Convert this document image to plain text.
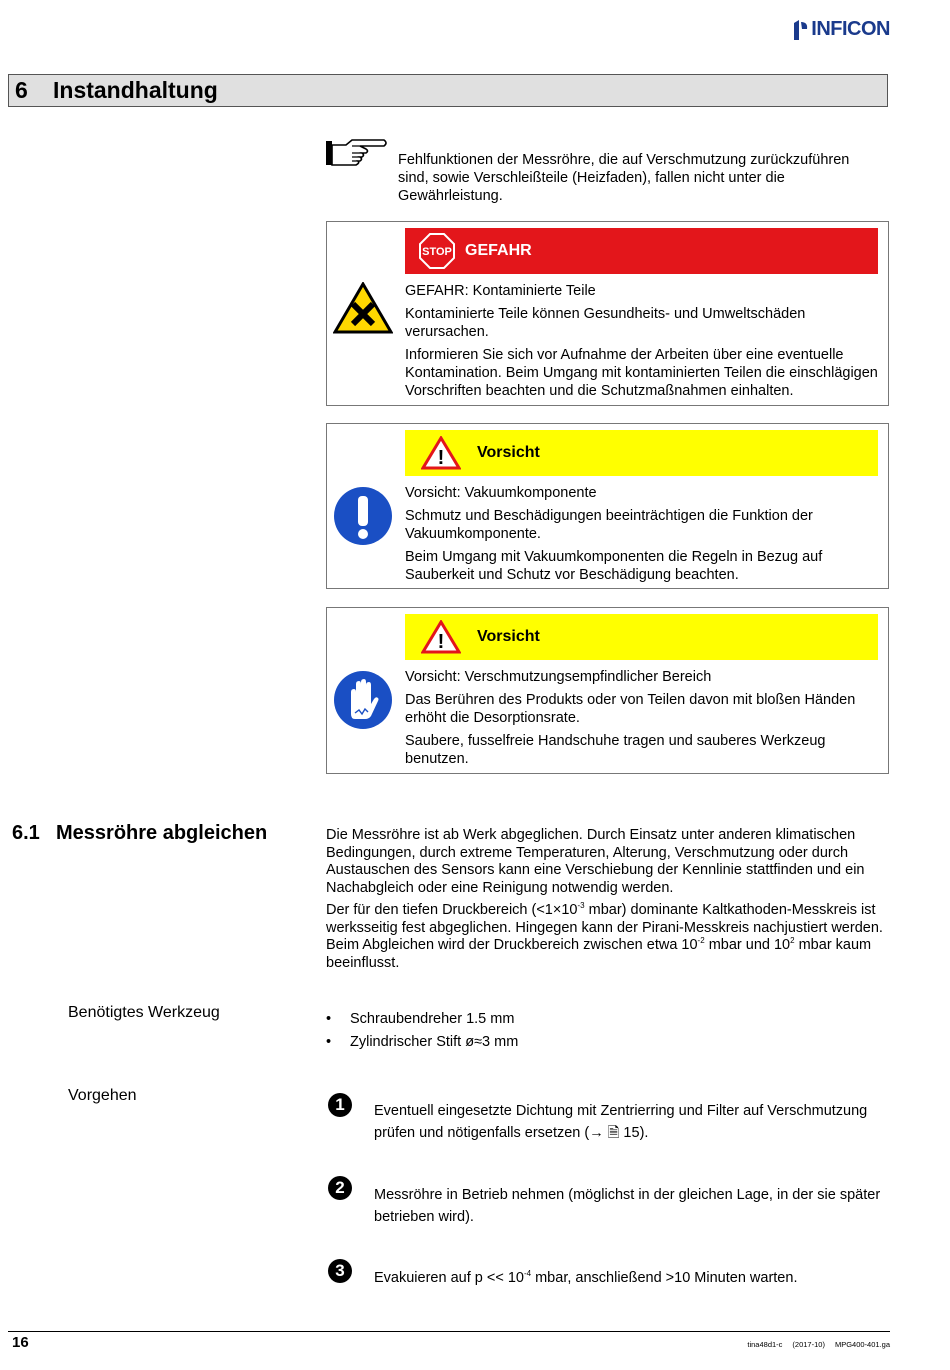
INFICON
6	Instandhaltung
Fehlfunktionen der Messröhre, die auf Verschmutzung zurückzuführen sind, sowie Verschleißteile (Heizfaden), fallen nicht unter die Gewährleistung.
STOP GEFAHR

GEFAHR: Kontaminierte Teile

Kontaminierte Teile können Gesundheits- und Umweltschäden verursachen.

Informieren Sie sich vor Aufnahme der Arbeiten über eine eventuelle Kontamination. Beim Umgang mit kontaminierten Teilen die einschlägigen Vorschriften beachten und die Schutzmaßnahmen einhalten.

! Vorsicht

Vorsicht: Vakuumkomponente

Schmutz und Beschädigungen beeinträchtigen die Funktion der Vakuumkomponente.

Beim Umgang mit Vakuumkomponenten die Regeln in Bezug auf Sauberkeit und Schutz vor Beschädigung beachten.

! Vorsicht

Vorsicht: Verschmutzungsempfindlicher Bereich

Das Berühren des Produkts oder von Teilen davon mit bloßen Händen erhöht die Desorptionsrate.

Saubere, fusselfreie Handschuhe tragen und sauberes Werkzeug benutzen.

6.1 Messröhre abgleichen	Die Messröhre ist ab Werk abgeglichen. Durch Einsatz unter anderen klimatischen Bedingungen, durch extreme Temperaturen, Alterung, Verschmutzung oder durch Austauschen des Sensors kann eine Verschiebung der Kennlinie stattfinden und ein Nachabgleich oder eine Reinigung notwendig werden.

Der für den tiefen Druckbereich ($<1\times 10^{-3}$ mbar) dominante Kaltkathoden-Messkreis ist werksseitig fest abgeglichen. Hingegen kann der Pirani-Messkreis nachjustiert werden. Beim Abgleichen wird der Druckbereich zwischen etwa $10^{-2}$ mbar und $10^2$ mbar kaum beeinflusst.

Benötigtes Werkzeug	•	Schraubendreher 1.5 mm
•	Zylindrischer Stift ø≈3 mm
Vorgehen	1	Eventuell eingesetzte Dichtung mit Zentrierring und Filter auf Verschmutzung prüfen und nötigenfalls ersetzen (→ 🗎 15).
2	Messröhre in Betrieb nehmen (möglichst in der gleichen Lage, in der sie später betrieben wird).
3	Evakuieren auf $p << 10^{-4}$ mbar, anschließend >10 Minuten warten.
16	tina48d1-c (2017-10) MPG400-401.ga
